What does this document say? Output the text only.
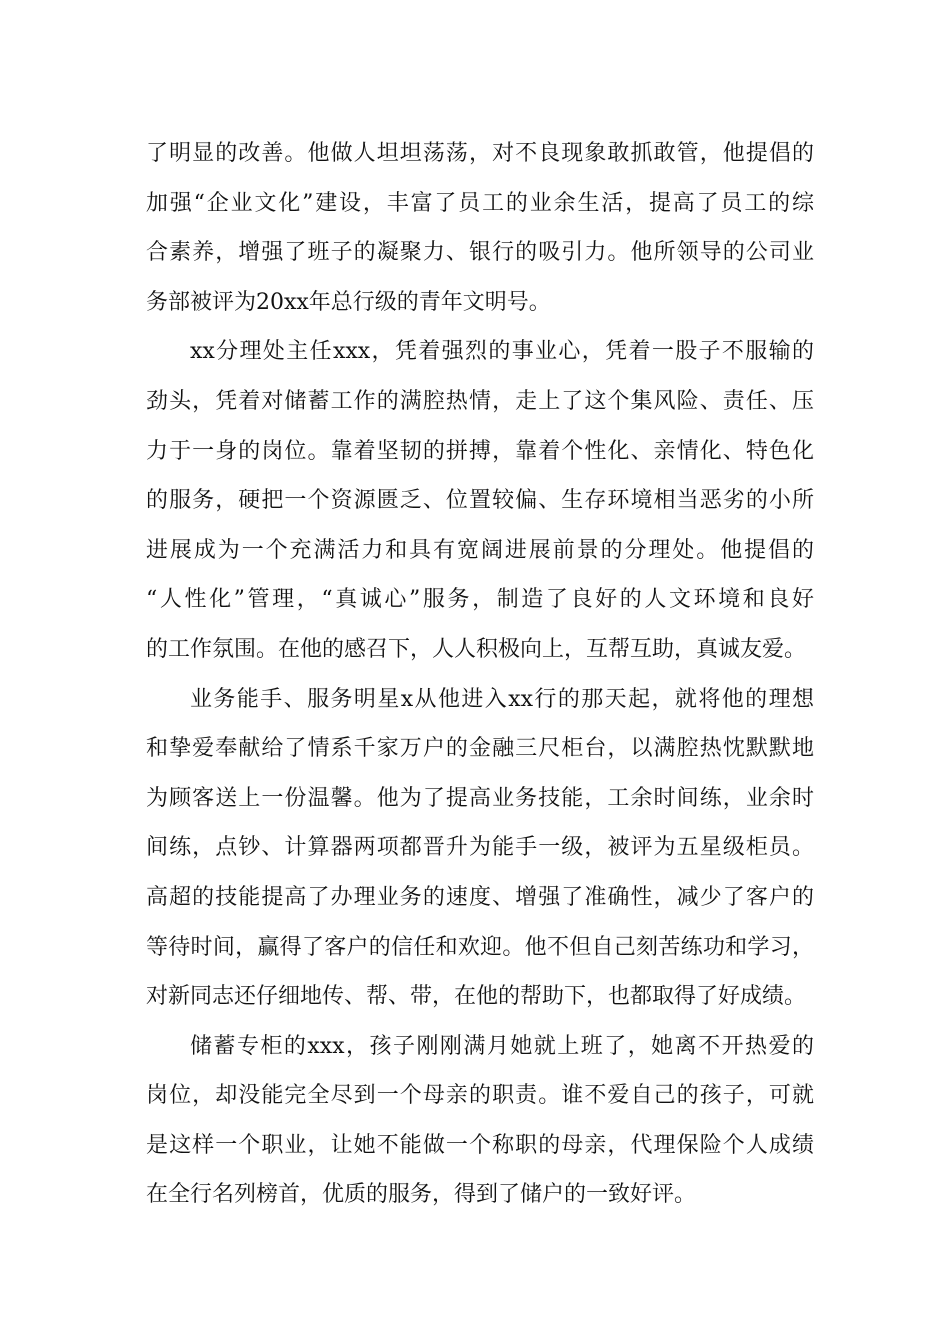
了明显的改善。他做人坦坦荡荡，对不良现象敢抓敢管，他提倡的
加强“企业文化”建设，丰富了员工的业余生活，提高了员工的综
合素养，增强了班子的凝聚力、银行的吸引力。他所领导的公司业
务部被评为20xx年总行级的青年文明号。
xx分理处主任xxx，凭着强烈的事业心，凭着一股子不服输的
劲头，凭着对储蓄工作的满腔热情，走上了这个集风险、责任、压
力于一身的岗位。靠着坚韧的拼搏，靠着个性化、亲情化、特色化
的服务，硬把一个资源匮乏、位置较偏、生存环境相当恶劣的小所
进展成为一个充满活力和具有宽阔进展前景的分理处。他提倡的
“人性化”管理，“真诚心”服务，制造了良好的人文环境和良好
的工作氛围。在他的感召下，人人积极向上，互帮互助，真诚友爱。
业务能手、服务明星x从他进入xx行的那天起，就将他的理想
和挚爱奉献给了情系千家万户的金融三尺柜台，以满腔热忱默默地
为顾客送上一份温馨。他为了提高业务技能，工余时间练，业余时
间练，点钞、计算器两项都晋升为能手一级，被评为五星级柜员。
高超的技能提高了办理业务的速度、增强了准确性，减少了客户的
等待时间，赢得了客户的信任和欢迎。他不但自己刻苦练功和学习，
对新同志还仔细地传、帮、带，在他的帮助下，也都取得了好成绩。
储蓄专柜的xxx，孩子刚刚满月她就上班了，她离不开热爱的
岗位，却没能完全尽到一个母亲的职责。谁不爱自己的孩子，可就
是这样一个职业，让她不能做一个称职的母亲，代理保险个人成绩
在全行名列榜首，优质的服务，得到了储户的一致好评。
